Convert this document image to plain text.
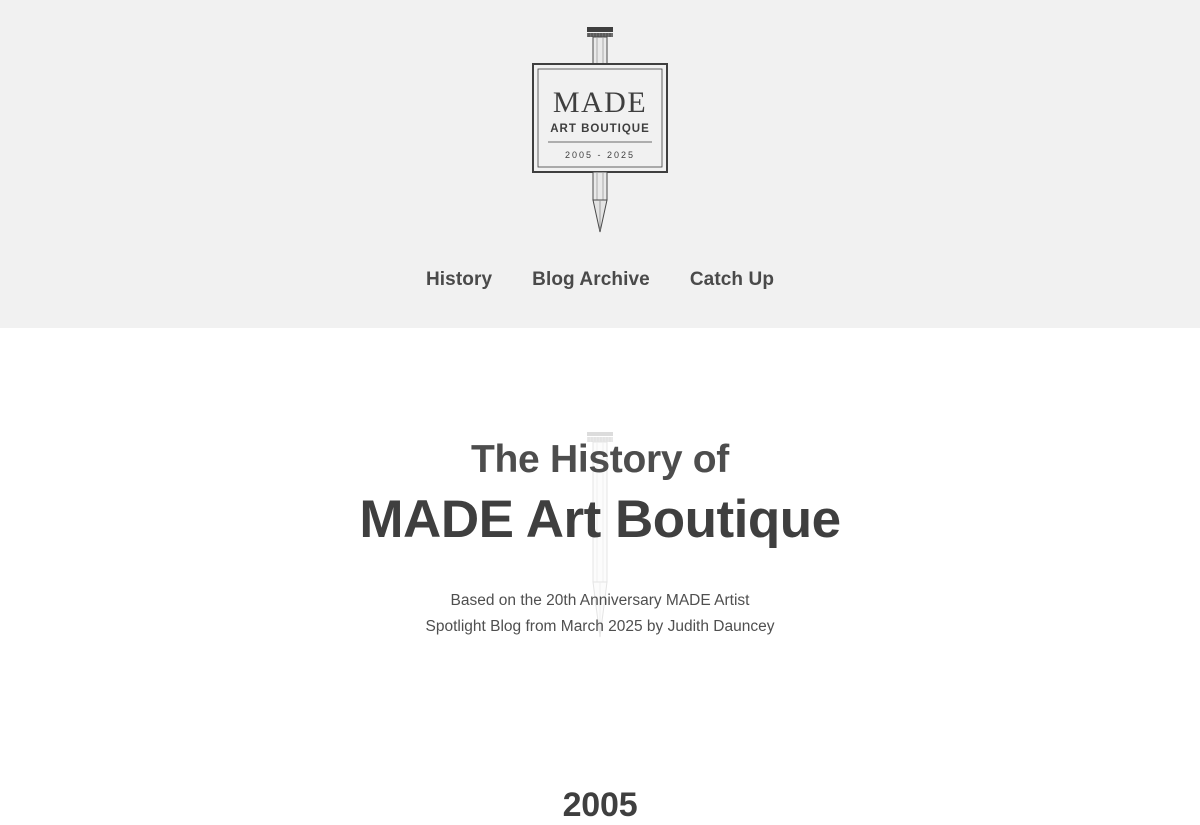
MADE
ART BOUTIQUE
2005 - 2025
History Blog Archive Catch Up
The History of
MADE Art Boutique
Based on the 20th Anniversary MADE Artist
Spotlight Blog from March 2025 by Judith Dauncey
2005
